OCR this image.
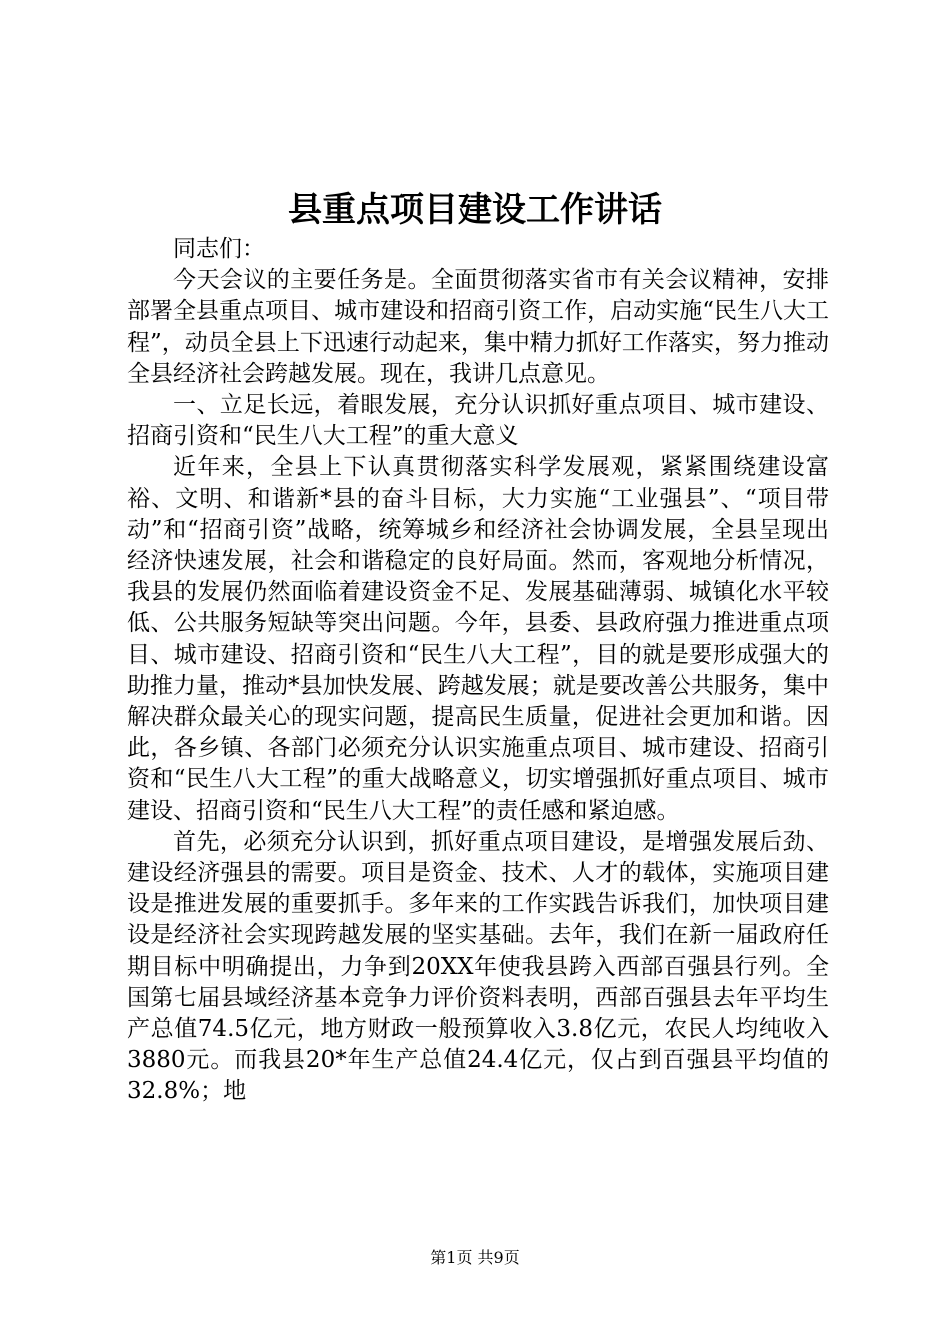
县重点项目建设工作讲话

同志们：

今天会议的主要任务是。全面贯彻落实省市有关会议精神，安排部署全县重点项目、城市建设和招商引资工作，启动实施“民生八大工程”，动员全县上下迅速行动起来，集中精力抓好工作落实，努力推动全县经济社会跨越发展。现在，我讲几点意见。

一、立足长远，着眼发展，充分认识抓好重点项目、城市建设、招商引资和“民生八大工程”的重大意义

近年来，全县上下认真贯彻落实科学发展观，紧紧围绕建设富裕、文明、和谐新*县的奋斗目标，大力实施“工业强县”、“项目带动”和“招商引资”战略，统筹城乡和经济社会协调发展，全县呈现出经济快速发展，社会和谐稳定的良好局面。然而，客观地分析情况，我县的发展仍然面临着建设资金不足、发展基础薄弱、城镇化水平较低、公共服务短缺等突出问题。今年，县委、县政府强力推进重点项目、城市建设、招商引资和“民生八大工程”，目的就是要形成强大的助推力量，推动*县加快发展、跨越发展；就是要改善公共服务，集中解决群众最关心的现实问题，提高民生质量，促进社会更加和谐。因此，各乡镇、各部门必须充分认识实施重点项目、城市建设、招商引资和“民生八大工程”的重大战略意义，切实增强抓好重点项目、城市建设、招商引资和“民生八大工程”的责任感和紧迫感。

首先，必须充分认识到，抓好重点项目建设，是增强发展后劲、建设经济强县的需要。项目是资金、技术、人才的载体，实施项目建设是推进发展的重要抓手。多年来的工作实践告诉我们，加快项目建设是经济社会实现跨越发展的坚实基础。去年，我们在新一届政府任期目标中明确提出，力争到20XX年使我县跨入西部百强县行列。全国第七届县域经济基本竞争力评价资料表明，西部百强县去年平均生产总值74.5亿元，地方财政一般预算收入3.8亿元，农民人均纯收入3880元。而我县20*年生产总值24.4亿元，仅占到百强县平均值的32.8%；地

第1页 共9页
